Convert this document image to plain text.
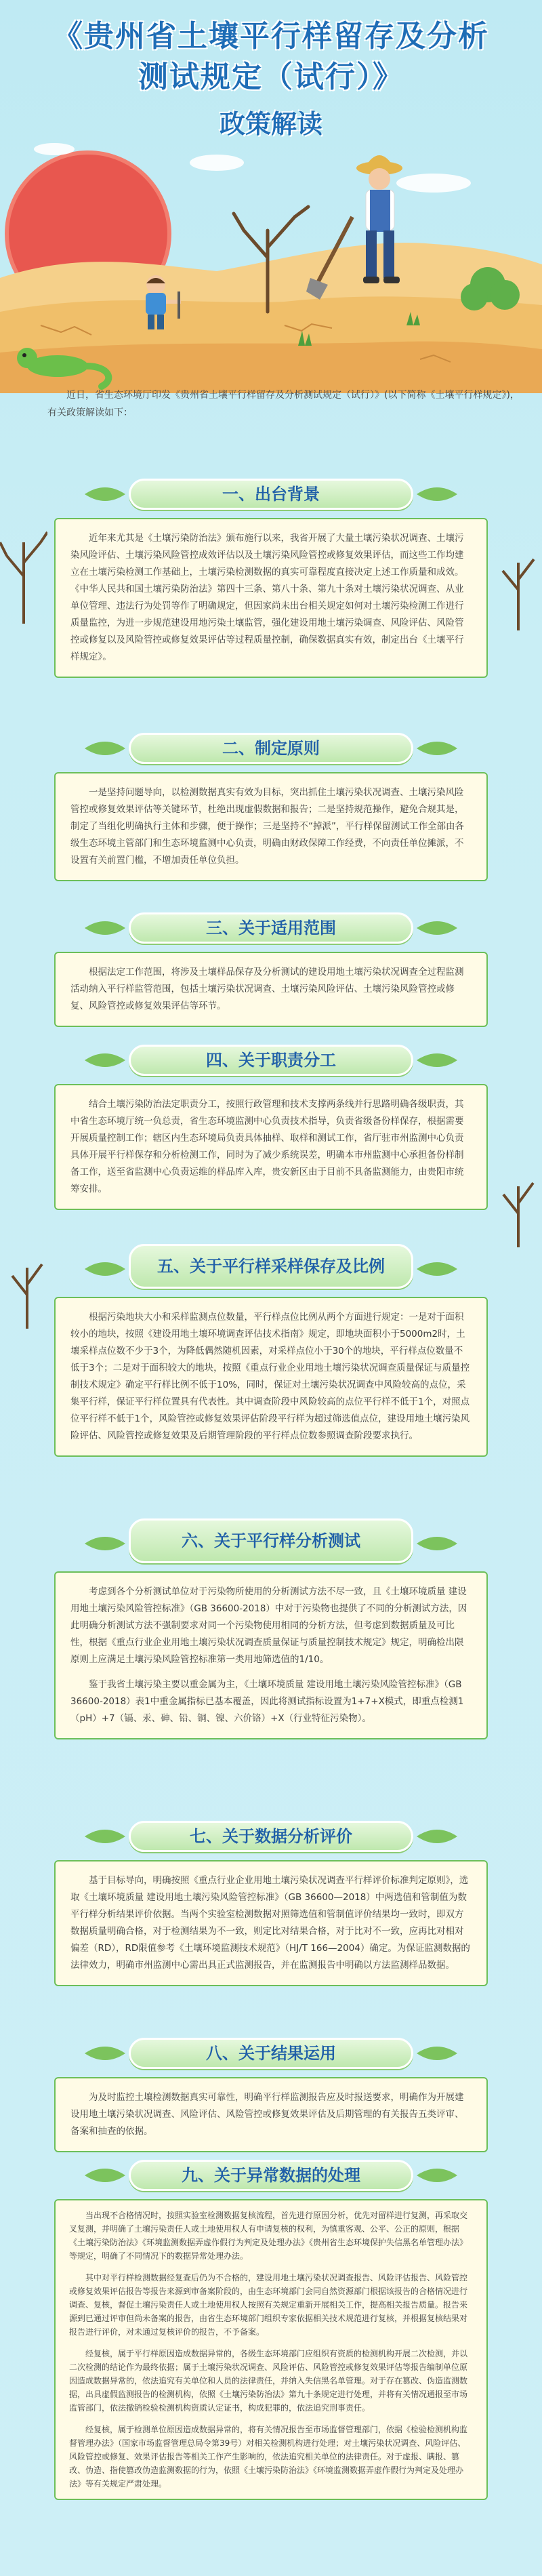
《贵州省土壤平行样留存及分析
测试规定（试行）》
政策解读

近日，省生态环境厅印发《贵州省土壤平行样留存及分析测试规定（试行）》(以下简称《土壤平行样规定》)，有关政策解读如下：

一、出台背景

近年来尤其是《土壤污染防治法》颁布施行以来，我省开展了大量土壤污染状况调查、土壤污染风险评估、土壤污染风险管控成效评估以及土壤污染风险管控或修复效果评估，而这些工作均建立在土壤污染检测工作基础上，土壤污染检测数据的真实可靠程度直接决定上述工作质量和成效。《中华人民共和国土壤污染防治法》第四十三条、第八十条、第九十条对土壤污染状况调查、从业单位管理、违法行为处罚等作了明确规定，但因家尚未出台相关规定如何对土壤污染检测工作进行质量监控，为进一步规范建设用地污染土壤监管，强化建设用地土壤污染调查、风险评估、风险管控或修复以及风险管控或修复效果评估等过程质量控制，确保数据真实有效，制定出台《土壤平行样规定》。

二、制定原则

一是坚持问题导向，以检测数据真实有效为目标，突出抓住土壤污染状况调查、土壤污染风险管控或修复效果评估等关键环节，杜绝出现虚假数据和报告；二是坚持规范操作，避免合规其是，制定了当组化明确执行主体和步骤，便于操作；三是坚持不“掉派”，平行样保留测试工作全部由各级生态环境主管部门和生态环境监测中心负责，明确由财政保障工作经费，不向责任单位摊派，不设置有关前置门槛，不增加责任单位负担。

三、关于适用范围

根据法定工作范围，将涉及土壤样品保存及分析测试的建设用地土壤污染状况调查全过程监测活动纳入平行样监管范围，包括土壤污染状况调查、土壤污染风险评估、土壤污染风险管控或修复、风险管控或修复效果评估等环节。

四、关于职责分工

结合土壤污染防治法定职责分工，按照行政管理和技术支撑两条线并行思路明确各级职责，其中省生态环境厅统一负总责，省生态环境监测中心负责技术指导，负责省级备份样保存，根据需要开展质量控制工作；辖区内生态环境局负责具体抽样、取样和测试工作，省厅驻市州监测中心负责具体开展平行样保存和分析检测工作，同时为了减少系统误差，明确本市州监测中心承担备份样制备工作，送至省监测中心负责运维的样品库入库，贵安新区由于目前不具备监测能力，由贵阳市统筹安排。

五、关于平行样采样保存及比例

根据污染地块大小和采样监测点位数量，平行样点位比例从两个方面进行规定：一是对于面积较小的地块，按照《建设用地土壤环境调查评估技术指南》规定，即地块面积小于5000m2时，土壤采样点位数不少于3个，为降低偶然随机因素，对采样点位小于30个的地块，平行样点位数量不低于3个；二是对于面积较大的地块，按照《重点行业企业用地土壤污染状况调查质量保证与质量控制技术规定》确定平行样比例不低于10%，同时，保证对土壤污染状况调查中风险较高的点位，采集平行样，保证平行样位置具有代表性。其中调查阶段中风险较高的点位平行样不低于1个，对照点位平行样不低于1个，风险管控或修复效果评估阶段平行样为超过筛选值点位，建设用地土壤污染风险评估、风险管控或修复效果及后期管理阶段的平行样点位数参照调查阶段要求执行。

六、关于平行样分析测试

考虑到各个分析测试单位对于污染物所使用的分析测试方法不尽一致，且《土壤环境质量 建设用地土壤污染风险管控标准》（GB 36600-2018）中对于污染物也提供了不同的分析测试方法，因此明确分析测试方法不强制要求对同一个污染物使用相同的分析方法，但考虑到数据质量及可比性，根据《重点行业企业用地土壤污染状况调查质量保证与质量控制技术规定》规定，明确检出限原则上应满足土壤污染风险管控标准第一类用地筛选值的1/10。

鉴于我省土壤污染主要以重金属为主，《土壤环境质量 建设用地土壤污染风险管控标准》（GB 36600-2018）表1中重金属指标已基本覆盖，因此将测试指标设置为1+7+X模式，即重点检测1（pH）+7（镉、汞、砷、铅、铜、镍、六价铬）+X（行业特征污染物）。

七、关于数据分析评价

基于目标导向，明确按照《重点行业企业用地土壤污染状况调查平行样评价标准判定原则》，选取《土壤环境质量 建设用地土壤污染风险管控标准》（GB 36600—2018）中两选值和管制值为数平行样分析结果评价依据。当两个实验室检测数据对照筛选值和管制值评价结果均一致时，即双方数据质量明确合格，对于检测结果为不一致，则定比对结果合格，对于比对不一致，应再比对相对偏差（RD），RD限值参考《土壤环境监测技术规范》（HJ/T 166—2004）确定。为保证监测数据的法律效力，明确市州监测中心需出具正式监测报告，并在监测报告中明确以方法监测样品数据。

八、关于结果运用

为及时监控土壤检测数据真实可靠性，明确平行样监测报告应及时报送要求，明确作为开展建设用地土壤污染状况调查、风险评估、风险管控或修复效果评估及后期管理的有关报告五类评审、备案和抽查的依据。

九、关于异常数据的处理

当出现不合格情况时，按照实验室检测数据复核流程，首先进行原因分析，优先对留样进行复测，再采取交叉复测，并明确了土壤污染责任人或土地使用权人有申请复核的权利，为慎重客观、公平、公正的原则，根据《土壤污染防治法》《环境监测数据弄虚作假行为判定及处理办法》《贵州省生态环境保护失信黑名单管理办法》等规定，明确了不同情况下的数据异常处理办法。

其中对平行样检测数据经复查后仍为不合格的，建设用地土壤污染状况调查报告、风险评估报告、风险管控或修复效果评估报告等报告来源到审备案阶段的，由生态环境部门会同自然资源部门根据该报告的合格情况进行调查、复核，督促土壤污染责任人或土地使用权人按照有关规定重新开展相关工作，提高相关报告质量。报告来源到已通过评审但尚未备案的报告，由省生态环境部门组织专家依据相关技术规范进行复核，并根据复核结果对报告进行评价，对未通过复核评价的报告，不予备案。

经复核，属于平行样原因造成数据异常的，各级生态环境部门应组织有资质的检测机构开展二次检测，并以二次检测的结论作为最终依据；属于土壤污染状况调查、风险评估、风险管控或修复效果评估等报告编制单位原因造成数据异常的，依法追究有关单位和人员的法律责任，并纳入失信黑名单管理。对于存在篡改、伪造监测数据，出具虚假监测报告的检测机构，依照《土壤污染防治法》第九十条规定进行处理，并将有关情况通报至市场监管部门，依法撤销检验检测机构资质认定证书，构成犯罪的，依法追究刑事责任。

经复核，属于检测单位原因造成数据异常的，将有关情况报告至市场监督管理部门，依据《检验检测机构监督管理办法》（国家市场监督管理总局令第39号）对相关检测机构进行处理；对土壤污染状况调查、风险评估、风险管控或修复、效果评估报告等相关工作产生影响的，依法追究相关单位的法律责任。对于虚报、瞒报、篡改、伪造、指使篡改伪造监测数据的行为，依照《土壤污染防治法》《环境监测数据弄虚作假行为判定及处理办法》等有关规定严肃处理。
